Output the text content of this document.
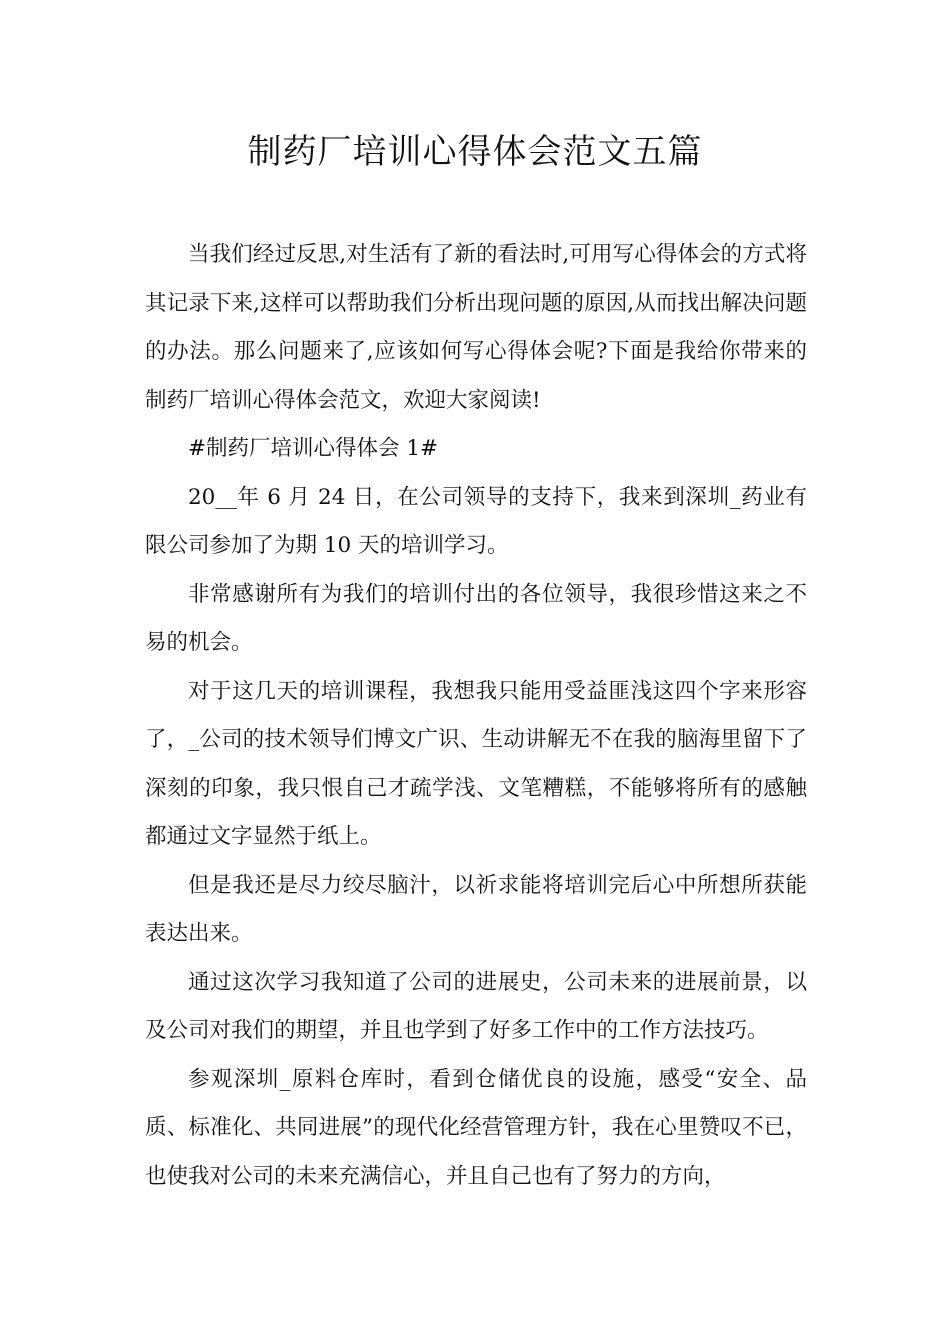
制药厂培训心得体会范文五篇

当我们经过反思,对生活有了新的看法时,可用写心得体会的方式将其记录下来,这样可以帮助我们分析出现问题的原因,从而找出解决问题的办法。那么问题来了,应该如何写心得体会呢?下面是我给你带来的制药厂培训心得体会范文，欢迎大家阅读!

#制药厂培训心得体会 1#

20__年 6 月 24 日，在公司领导的支持下，我来到深圳_药业有限公司参加了为期 10 天的培训学习。

非常感谢所有为我们的培训付出的各位领导，我很珍惜这来之不易的机会。

对于这几天的培训课程，我想我只能用受益匪浅这四个字来形容了，_公司的技术领导们博文广识、生动讲解无不在我的脑海里留下了深刻的印象，我只恨自己才疏学浅、文笔糟糕，不能够将所有的感触都通过文字显然于纸上。

但是我还是尽力绞尽脑汁，以祈求能将培训完后心中所想所获能表达出来。

通过这次学习我知道了公司的进展史，公司未来的进展前景，以及公司对我们的期望，并且也学到了好多工作中的工作方法技巧。

参观深圳_原料仓库时，看到仓储优良的设施，感受“安全、品质、标准化、共同进展”的现代化经营管理方针，我在心里赞叹不已，也使我对公司的未来充满信心，并且自己也有了努力的方向，
